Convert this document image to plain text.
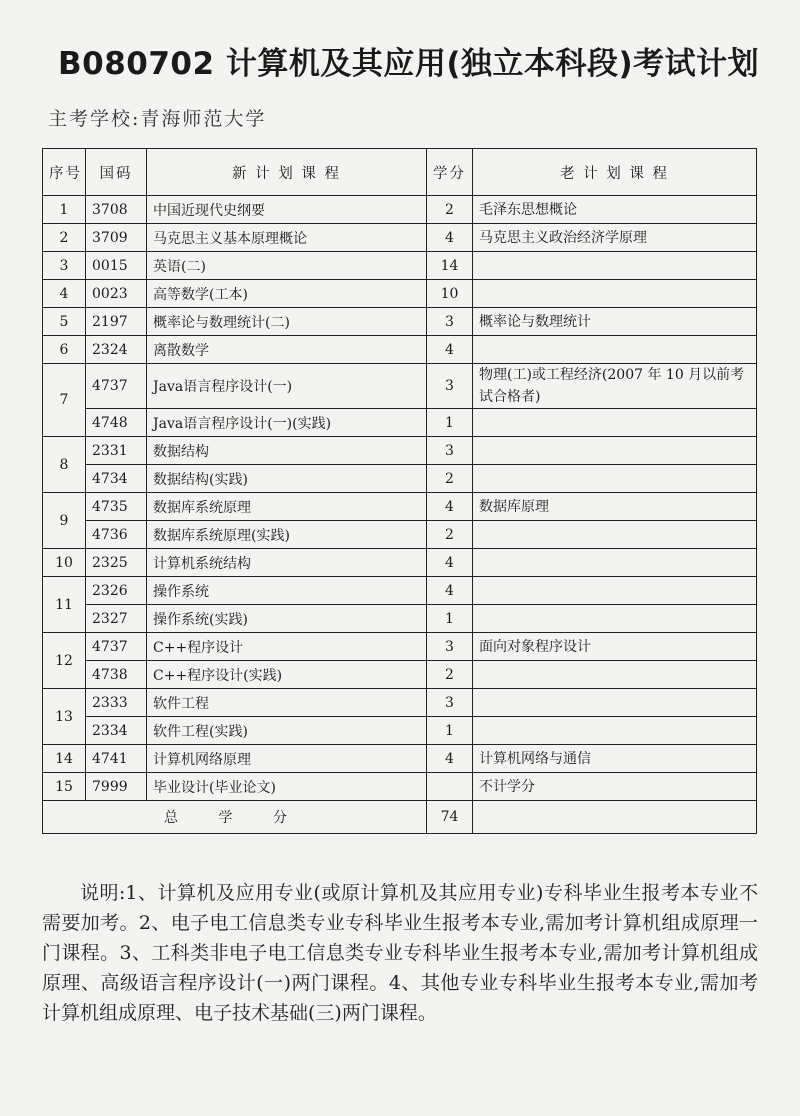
B080702 计算机及其应用(独立本科段)考试计划
主考学校:青海师范大学
序号	国码	新 计 划 课 程	学分	老 计 划 课 程
1	3708	中国近现代史纲要	2	毛泽东思想概论
2	3709	马克思主义基本原理概论	4	马克思主义政治经济学原理
3	0015	英语(二)	14	
4	0023	高等数学(工本)	10	
5	2197	概率论与数理统计(二)	3	概率论与数理统计
6	2324	离散数学	4	
7	4737	Java语言程序设计(一)	3	物理(工)或工程经济(2007 年 10 月以前考试合格者)
	4748	Java语言程序设计(一)(实践)	1	
8	2331	数据结构	3	
	4734	数据结构(实践)	2	
9	4735	数据库系统原理	4	数据库原理
	4736	数据库系统原理(实践)	2	
10	2325	计算机系统结构	4	
11	2326	操作系统	4	
	2327	操作系统(实践)	1	
12	4737	C++程序设计	3	面向对象程序设计
	4738	C++程序设计(实践)	2	
13	2333	软件工程	3	
	2334	软件工程(实践)	1	
14	4741	计算机网络原理	4	计算机网络与通信
15	7999	毕业设计(毕业论文)		不计学分
总 学 分			74	
说明:1、计算机及应用专业(或原计算机及其应用专业)专科毕业生报考本专业不需要加考。2、电子电工信息类专业专科毕业生报考本专业,需加考计算机组成原理一门课程。3、工科类非电子电工信息类专业专科毕业生报考本专业,需加考计算机组成原理、高级语言程序设计(一)两门课程。4、其他专业专科毕业生报考本专业,需加考计算机组成原理、电子技术基础(三)两门课程。
